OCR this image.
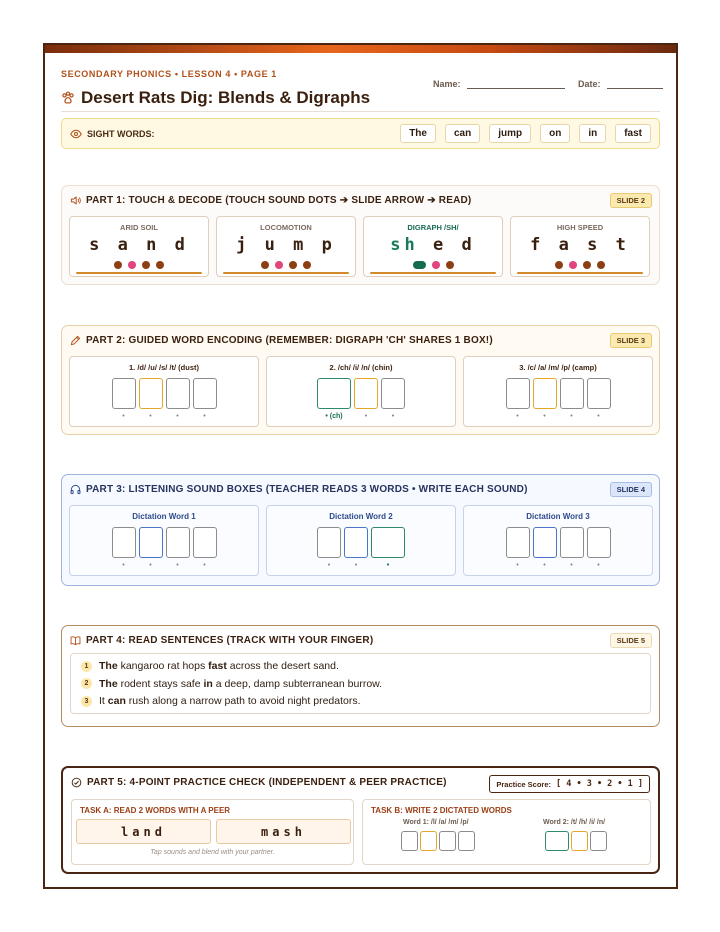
SECONDARY PHONICS • LESSON 4 • PAGE 1
Desert Rats Dig: Blends & Digraphs
Name:	Date:
SIGHT WORDS:	The	can	jump	on	in	fast
PART 1: TOUCH & DECODE (TOUCH SOUND DOTS ➔ SLIDE ARROW ➔ READ)	SLIDE 2
ARID SOIL
s a n d
LOCOMOTION
j u m p
DIGRAPH /SH/
sh e d
HIGH SPEED
f a s t
PART 2: GUIDED WORD ENCODING (REMEMBER: DIGRAPH 'CH' SHARES 1 BOX!)	SLIDE 3
1. /d/ /u/ /s/ /t/ (dust)
•	•	•	•
2. /ch/ /i/ /n/ (chin)
• (ch)	•	•
3. /c/ /a/ /m/ /p/ (camp)
•	•	•	•
PART 3: LISTENING SOUND BOXES (TEACHER READS 3 WORDS • WRITE EACH SOUND)	SLIDE 4
Dictation Word 1
•	•	•	•
Dictation Word 2
•	•	•
Dictation Word 3
•	•	•	•
PART 4: READ SENTENCES (TRACK WITH YOUR FINGER)	SLIDE 5
1	The kangaroo rat hops fast across the desert sand.
2	The rodent stays safe in a deep, damp subterranean burrow.
3	It can rush along a narrow path to avoid night predators.
PART 5: 4-POINT PRACTICE CHECK (INDEPENDENT & PEER PRACTICE)	Practice Score: [ 4 • 3 • 2 • 1 ]
TASK A: READ 2 WORDS WITH A PEER
land	mash
Tap sounds and blend with your partner.
TASK B: WRITE 2 DICTATED WORDS
Word 1: /l/ /a/ /m/ /p/	Word 2: /t/ /h/ /i/ /n/
